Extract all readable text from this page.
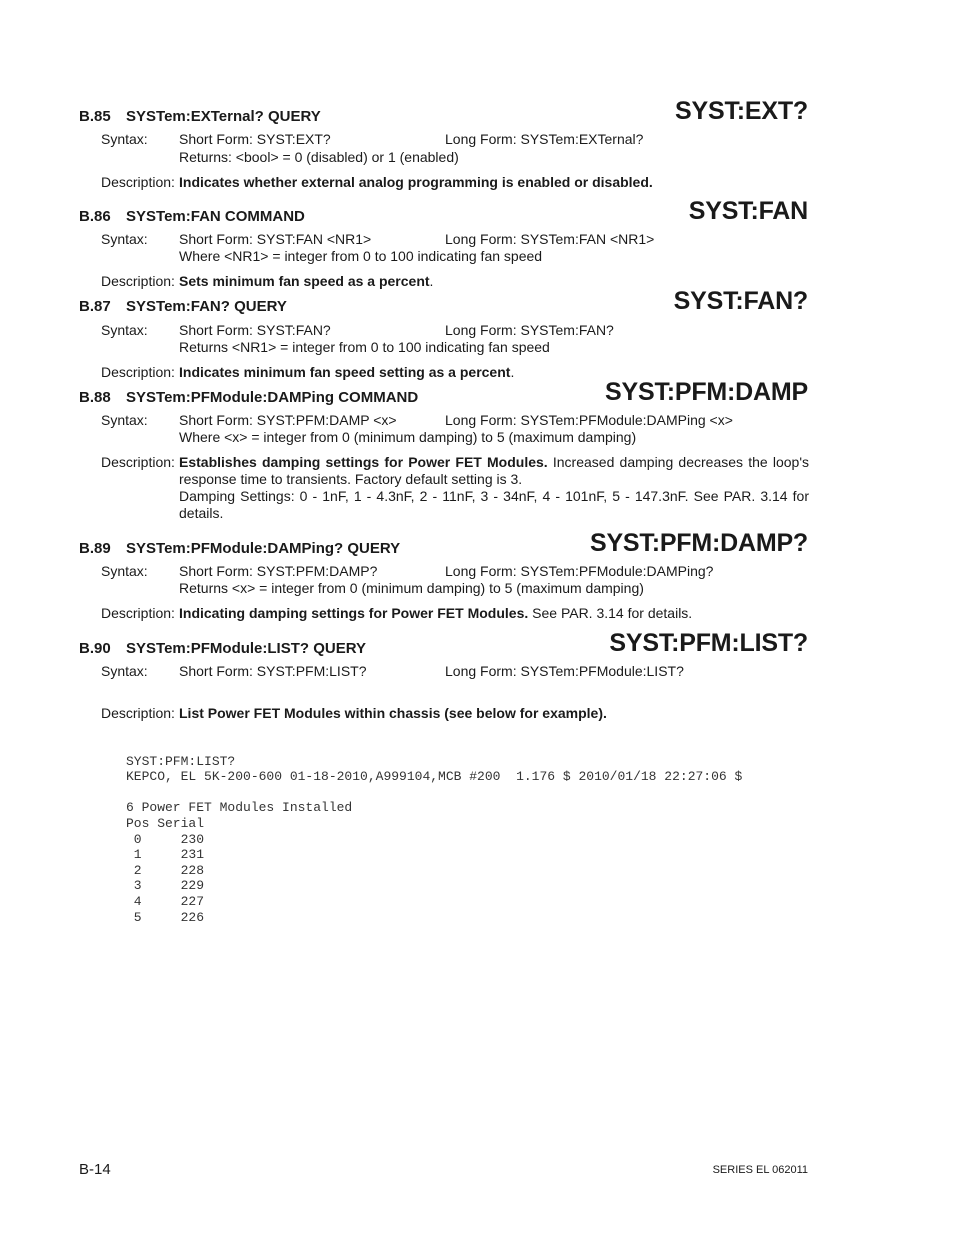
B.85 SYSTem:EXTernal? QUERY	SYST:EXT?
Syntax: Short Form: SYST:EXT?	Long Form: SYSTem:EXTernal?
Returns: <bool> = 0 (disabled) or 1 (enabled)
Description: Indicates whether external analog programming is enabled or disabled.
B.86 SYSTem:FAN COMMAND	SYST:FAN
Syntax: Short Form: SYST:FAN <NR1>	Long Form: SYSTem:FAN <NR1>
Where <NR1> = integer from 0 to 100 indicating fan speed
Description: Sets minimum fan speed as a percent.
B.87 SYSTem:FAN? QUERY	SYST:FAN?
Syntax: Short Form: SYST:FAN?	Long Form: SYSTem:FAN?
Returns <NR1> = integer from 0 to 100 indicating fan speed
Description: Indicates minimum fan speed setting as a percent.
B.88 SYSTem:PFModule:DAMPing COMMAND	SYST:PFM:DAMP
Syntax: Short Form: SYST:PFM:DAMP <x>	Long Form: SYSTem:PFModule:DAMPing <x>
Where <x> = integer from 0 (minimum damping) to 5 (maximum damping)
Description: Establishes damping settings for Power FET Modules. Increased damping decreases the loop's response time to transients. Factory default setting is 3.
Damping Settings: 0 - 1nF, 1 - 4.3nF, 2 - 11nF, 3 - 34nF, 4 - 101nF, 5 - 147.3nF. See PAR. 3.14 for details.
B.89 SYSTem:PFModule:DAMPing? QUERY	SYST:PFM:DAMP?
Syntax: Short Form: SYST:PFM:DAMP?	Long Form: SYSTem:PFModule:DAMPing?
Returns <x> = integer from 0 (minimum damping) to 5 (maximum damping)
Description: Indicating damping settings for Power FET Modules. See PAR. 3.14 for details.
B.90 SYSTem:PFModule:LIST? QUERY	SYST:PFM:LIST?
Syntax: Short Form: SYST:PFM:LIST?	Long Form: SYSTem:PFModule:LIST?
Description: List Power FET Modules within chassis (see below for example).

SYST:PFM:LIST?
KEPCO, EL 5K-200-600 01-18-2010,A999104,MCB #200  1.176 $ 2010/01/18 22:27:06 $

6 Power FET Modules Installed
Pos Serial
0     230
1     231
2     228
3     229
4     227
5     226

B-14	SERIES EL 062011
